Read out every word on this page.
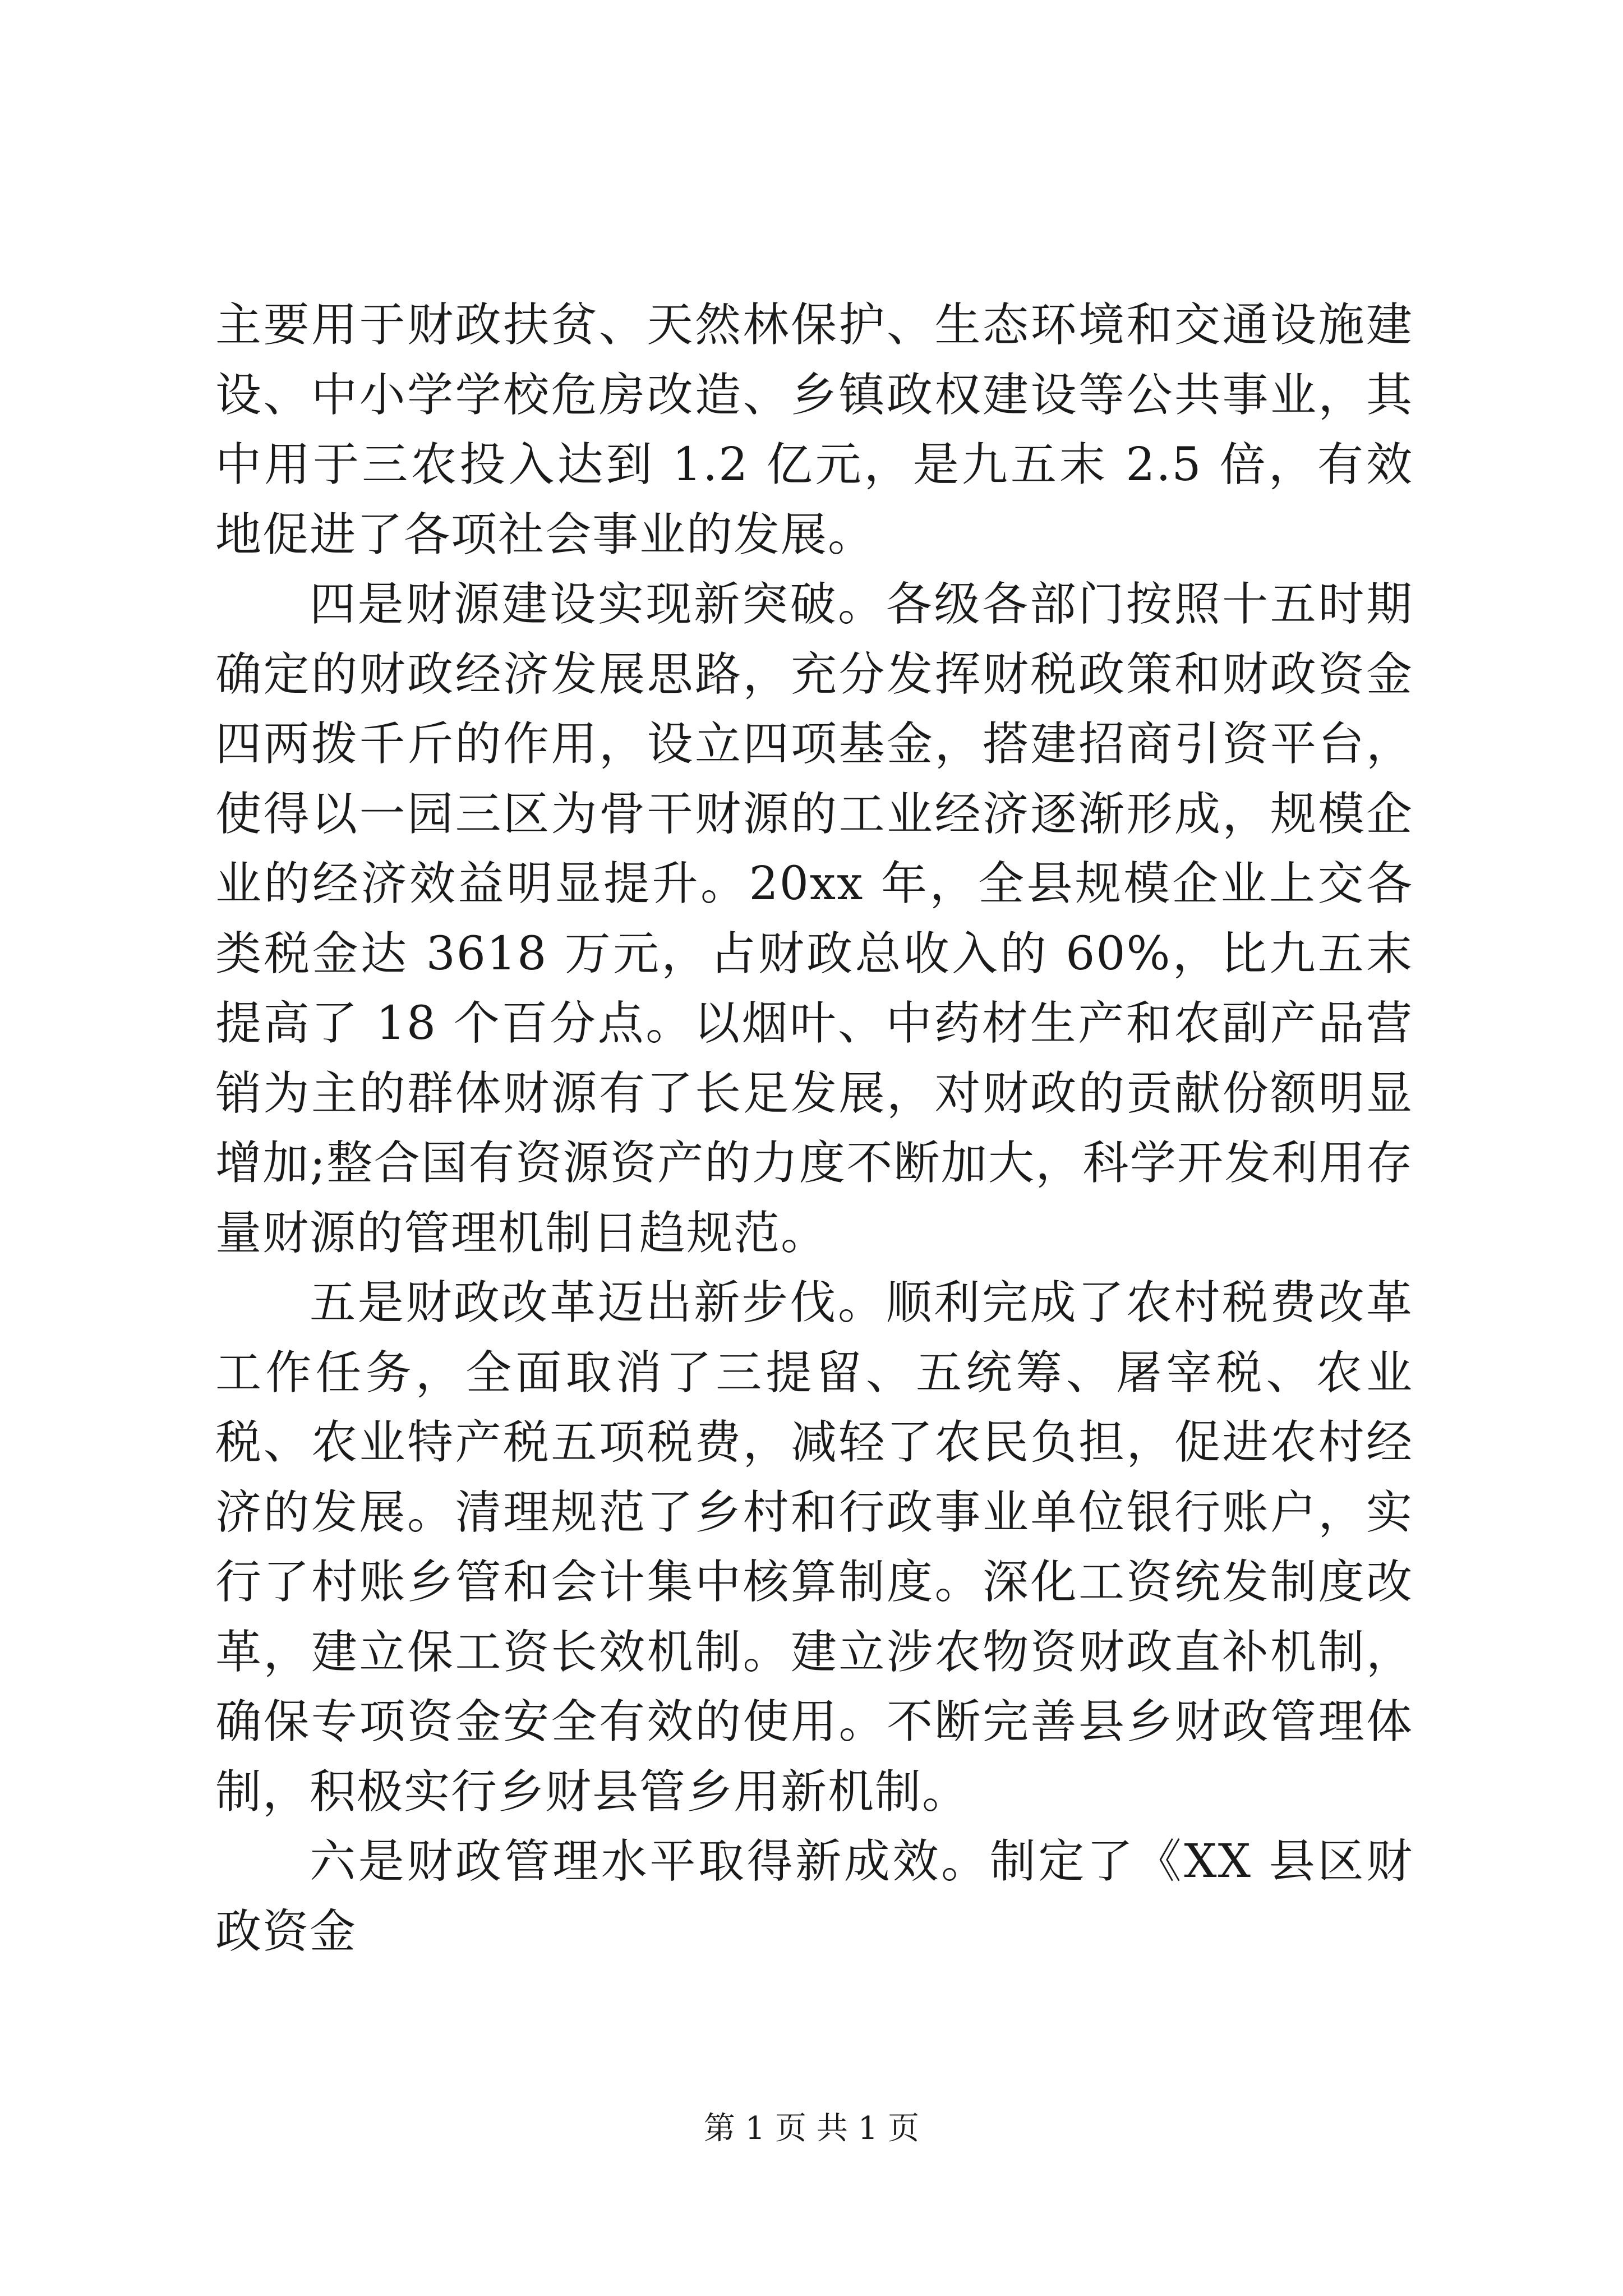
主要用于财政扶贫、天然林保护、生态环境和交通设施建设、中小学学校危房改造、乡镇政权建设等公共事业，其中用于三农投入达到 1.2 亿元，是九五末 2.5 倍，有效地促进了各项社会事业的发展。

四是财源建设实现新突破。各级各部门按照十五时期确定的财政经济发展思路，充分发挥财税政策和财政资金四两拨千斤的作用，设立四项基金，搭建招商引资平台，使得以一园三区为骨干财源的工业经济逐渐形成，规模企业的经济效益明显提升。20xx 年，全县规模企业上交各类税金达 3618 万元，占财政总收入的 60%，比九五末提高了 18 个百分点。以烟叶、中药材生产和农副产品营销为主的群体财源有了长足发展，对财政的贡献份额明显增加;整合国有资源资产的力度不断加大，科学开发利用存量财源的管理机制日趋规范。

五是财政改革迈出新步伐。顺利完成了农村税费改革工作任务，全面取消了三提留、五统筹、屠宰税、农业税、农业特产税五项税费，减轻了农民负担，促进农村经济的发展。清理规范了乡村和行政事业单位银行账户，实行了村账乡管和会计集中核算制度。深化工资统发制度改革，建立保工资长效机制。建立涉农物资财政直补机制，确保专项资金安全有效的使用。不断完善县乡财政管理体制，积极实行乡财县管乡用新机制。

六是财政管理水平取得新成效。制定了《XX 县区财政资金

第 1 页 共 1 页
